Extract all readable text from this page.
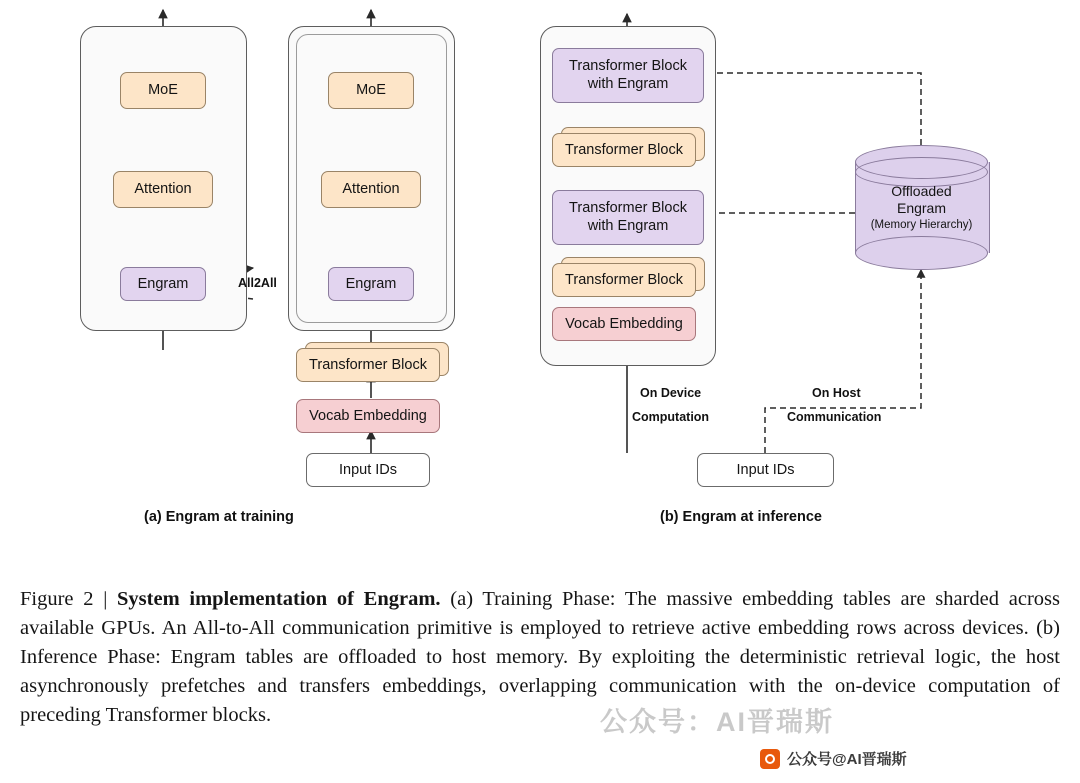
MoE
Attention
Engram
MoE
Attention
Engram
All2All
Transformer Block
Vocab Embedding
Input IDs
(a) Engram at training
Transformer Block
with Engram
Transformer Block
Transformer Block
with Engram
Transformer Block
Vocab Embedding
Input IDs
On Device
Computation
On Host
Communication
Offloaded
Engram
(Memory Hierarchy)
(b) Engram at inference
Figure 2 | System implementation of Engram. (a) Training Phase: The massive embedding tables are sharded across available GPUs. An All-to-All communication primitive is employed to retrieve active embedding rows across devices. (b) Inference Phase: Engram tables are offloaded to host memory. By exploiting the deterministic retrieval logic, the host asynchronously prefetches and transfers embeddings, overlapping communication with the on-device computation of preceding Transformer blocks.	公众号：AI晋瑞斯
公众号@AI晋瑞斯
